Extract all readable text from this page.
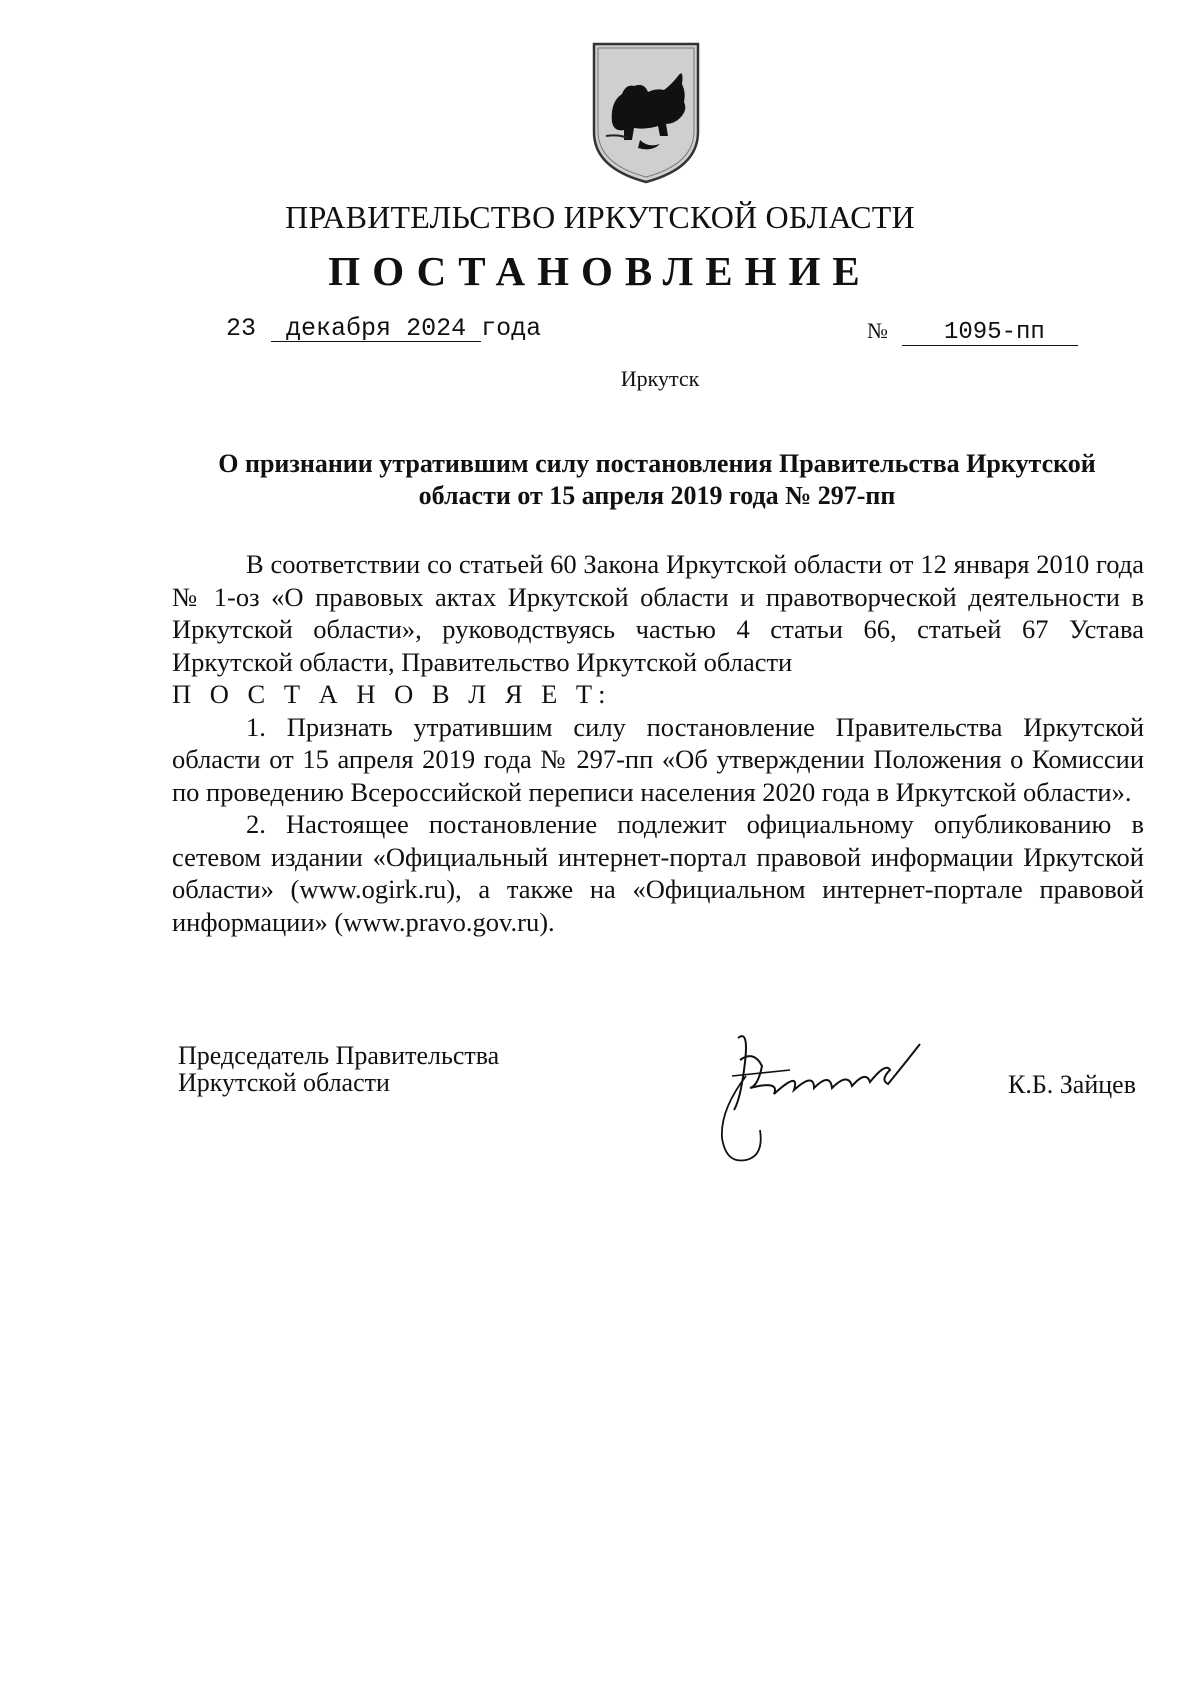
ПРАВИТЕЛЬСТВО ИРКУТСКОЙ ОБЛАСТИ
ПОСТАНОВЛЕНИЕ
23 декабря 2024 года	№ 1095-пп
Иркутск
О признании утратившим силу постановления Правительства Иркутской
области от 15 апреля 2019 года № 297-пп

В соответствии со статьей 60 Закона Иркутской области от 12 января 2010 года № 1-оз «О правовых актах Иркутской области и правотворческой деятельности в Иркутской области», руководствуясь частью 4 статьи 66, статьей 67 Устава Иркутской области, Правительство Иркутской области

П О С Т А Н О В Л Я Е Т:

1. Признать утратившим силу постановление Правительства Иркутской области от 15 апреля 2019 года № 297-пп «Об утверждении Положения о Комиссии по проведению Всероссийской переписи населения 2020 года в Иркутской области».

2. Настоящее постановление подлежит официальному опубликованию в сетевом издании «Официальный интернет-портал правовой информации Иркутской области» (www.ogirk.ru), а также на «Официальном интернет-портале правовой информации» (www.pravo.gov.ru).

Председатель Правительства
Иркутской области	К.Б. Зайцев
